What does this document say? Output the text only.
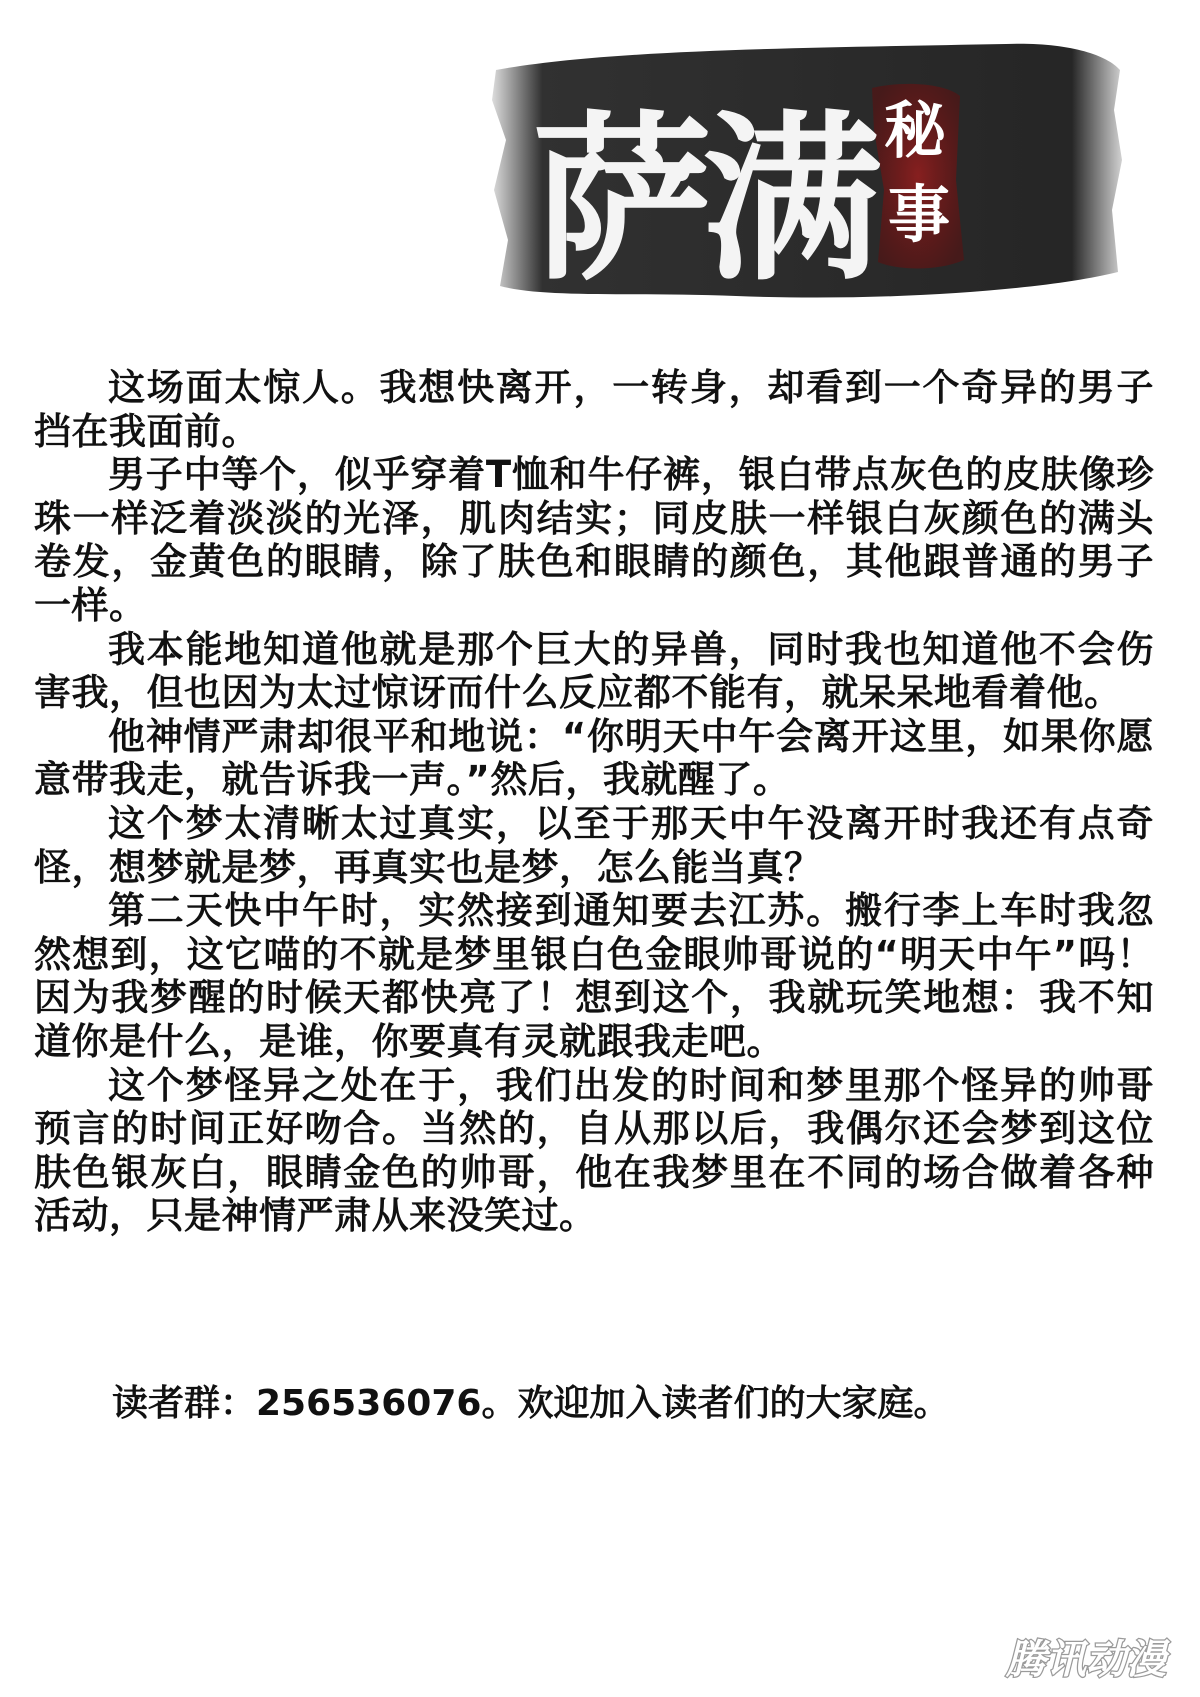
萨满 秘
事

这场面太惊人。我想快离开，一转身，却看到一个奇异的男子挡在我面前。

男子中等个，似乎穿着T恤和牛仔裤，银白带点灰色的皮肤像珍珠一样泛着淡淡的光泽，肌肉结实；同皮肤一样银白灰颜色的满头卷发，金黄色的眼睛，除了肤色和眼睛的颜色，其他跟普通的男子一样。

我本能地知道他就是那个巨大的异兽，同时我也知道他不会伤害我，但也因为太过惊讶而什么反应都不能有，就呆呆地看着他。

他神情严肃却很平和地说：“你明天中午会离开这里，如果你愿意带我走，就告诉我一声。”然后，我就醒了。

这个梦太清晰太过真实，以至于那天中午没离开时我还有点奇怪，想梦就是梦，再真实也是梦，怎么能当真？

第二天快中午时，实然接到通知要去江苏。搬行李上车时我忽然想到，这它喵的不就是梦里银白色金眼帅哥说的“明天中午”吗！因为我梦醒的时候天都快亮了！想到这个，我就玩笑地想：我不知道你是什么，是谁，你要真有灵就跟我走吧。

这个梦怪异之处在于，我们出发的时间和梦里那个怪异的帅哥预言的时间正好吻合。当然的，自从那以后，我偶尔还会梦到这位肤色银灰白，眼睛金色的帅哥，他在我梦里在不同的场合做着各种活动，只是神情严肃从来没笑过。

读者群：256536076。欢迎加入读者们的大家庭。
腾讯动漫
